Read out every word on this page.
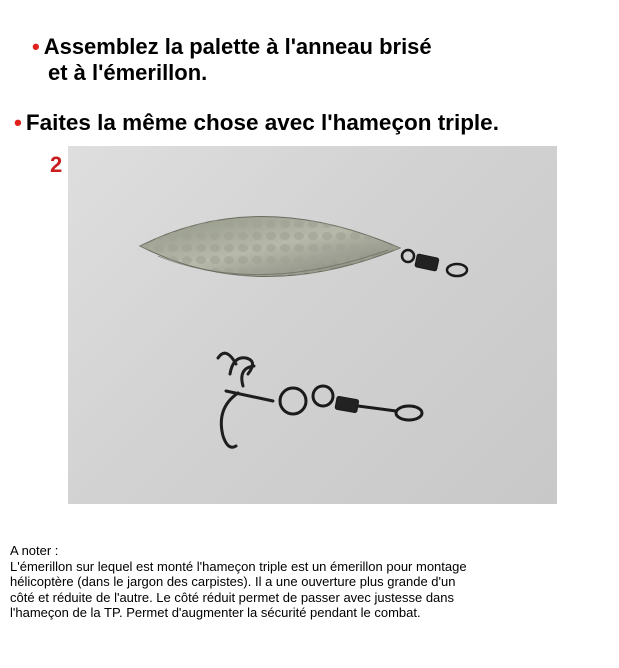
• Assemblez la palette à l'anneau brisé
et à l'émerillon.
• Faites la même chose avec l'hameçon triple.
2
A noter :
L'émerillon sur lequel est monté l'hameçon triple est un émerillon pour montage
hélicoptère (dans le jargon des carpistes). Il a une ouverture plus grande d'un
côté et réduite de l'autre. Le côté réduit permet de passer avec justesse dans
l'hameçon de la TP. Permet d'augmenter la sécurité pendant le combat.
